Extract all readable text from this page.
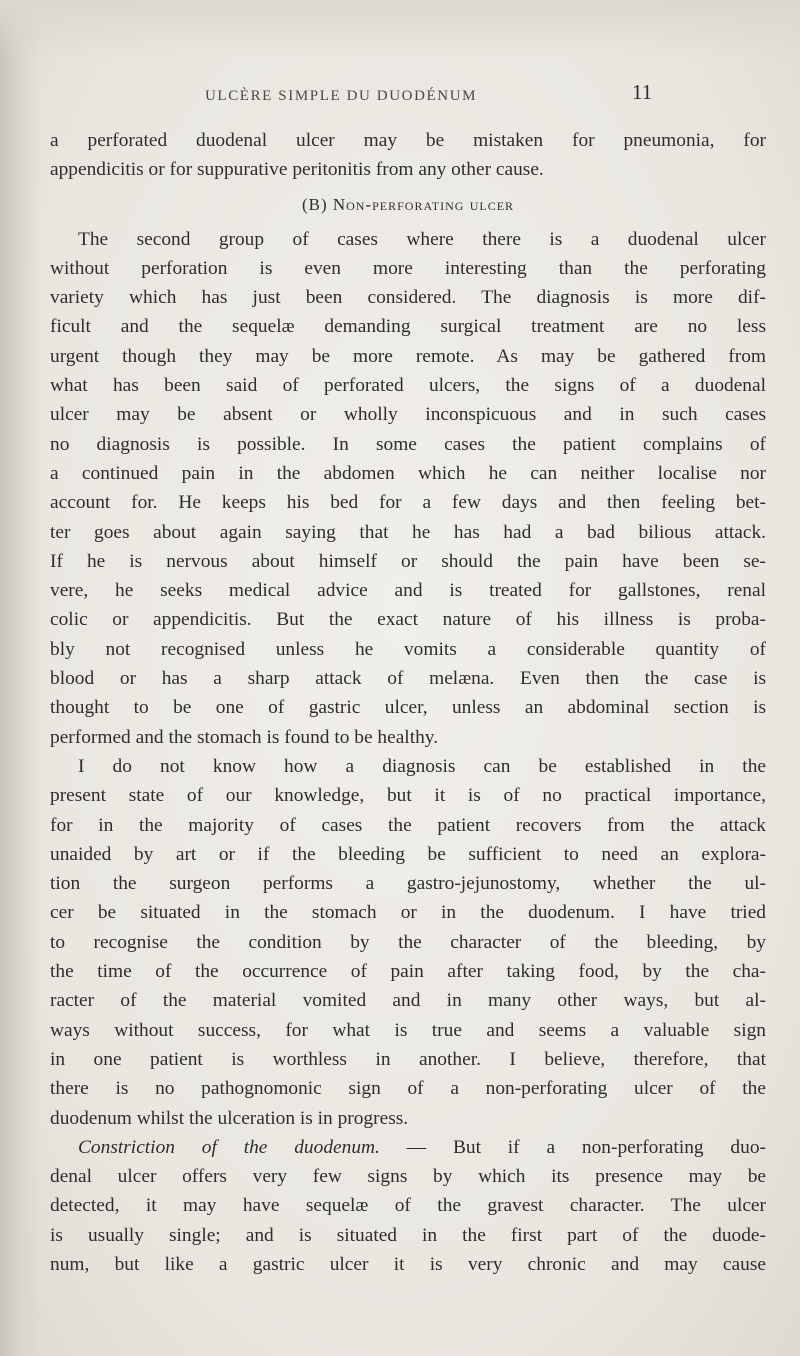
ULCÈRE SIMPLE DU DUODÉNUM	11
a perforated duodenal ulcer may be mistaken for pneumonia, for
appendicitis or for suppurative peritonitis from any other cause.
(B) Non-perforating ulcer
The second group of cases where there is a duodenal ulcer
without perforation is even more interesting than the perforating
variety which has just been considered. The diagnosis is more dif-
ficult and the sequelæ demanding surgical treatment are no less
urgent though they may be more remote. As may be gathered from
what has been said of perforated ulcers, the signs of a duodenal
ulcer may be absent or wholly inconspicuous and in such cases
no diagnosis is possible. In some cases the patient complains of
a continued pain in the abdomen which he can neither localise nor
account for. He keeps his bed for a few days and then feeling bet-
ter goes about again saying that he has had a bad bilious attack.
If he is nervous about himself or should the pain have been se-
vere, he seeks medical advice and is treated for gallstones, renal
colic or appendicitis. But the exact nature of his illness is proba-
bly not recognised unless he vomits a considerable quantity of
blood or has a sharp attack of melæna. Even then the case is
thought to be one of gastric ulcer, unless an abdominal section is
performed and the stomach is found to be healthy.
I do not know how a diagnosis can be established in the
present state of our knowledge, but it is of no practical importance,
for in the majority of cases the patient recovers from the attack
unaided by art or if the bleeding be sufficient to need an explora-
tion the surgeon performs a gastro-jejunostomy, whether the ul-
cer be situated in the stomach or in the duodenum. I have tried
to recognise the condition by the character of the bleeding, by
the time of the occurrence of pain after taking food, by the cha-
racter of the material vomited and in many other ways, but al-
ways without success, for what is true and seems a valuable sign
in one patient is worthless in another. I believe, therefore, that
there is no pathognomonic sign of a non-perforating ulcer of the
duodenum whilst the ulceration is in progress.
Constriction of the duodenum. — But if a non-perforating duo-
denal ulcer offers very few signs by which its presence may be
detected, it may have sequelæ of the gravest character. The ulcer
is usually single; and is situated in the first part of the duode-
num, but like a gastric ulcer it is very chronic and may cause
